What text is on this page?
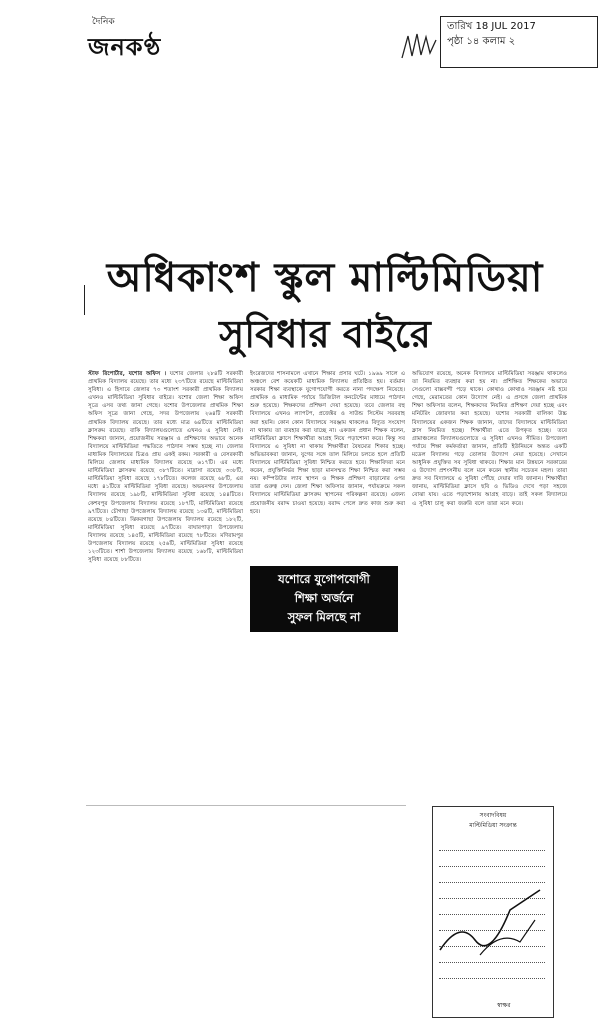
দৈনিক
জনকণ্ঠ
তারিখ 18 JUL 2017
পৃষ্ঠা ১৪ কলাম ২
অধিকাংশ স্কুল মাল্টিমিডিয়া
সুবিধার বাইরে
স্টাফ রিপোর্টার, যশোর অফিস । যশোর জেলার ২৮৪টি সরকারী প্রাথমিক বিদ্যালয় রয়েছে। তার মধ্যে ২৩৭টিতে রয়েছে মাল্টিমিডিয়া সুবিধা। এ হিসাবে জেলার ৭৩ শতাংশ সরকারী প্রাথমিক বিদ্যালয় এখনও মাল্টিমিডিয়া সুবিধার বাইরে। যশোর জেলা শিক্ষা অফিস সূত্রে এসব তথ্য জানা গেছে। যশোর উপজেলার প্রাথমিক শিক্ষা অফিস সূত্রে জানা গেছে, সদর উপজেলায় ২৬৪টি সরকারী প্রাথমিক বিদ্যালয় রয়েছে। তার মধ্যে মাত্র ৬৪টিতে মাল্টিমিডিয়া ক্লাসরুম রয়েছে। বাকি বিদ্যালয়গুলোতে এখনও এ সুবিধা নেই। শিক্ষকরা জানান, প্রয়োজনীয় সরঞ্জাম ও প্রশিক্ষণের অভাবে অনেক বিদ্যালয়ে মাল্টিমিডিয়া পদ্ধতিতে পাঠদান সম্ভব হচ্ছে না। জেলার মাধ্যমিক বিদ্যালয়ের চিত্রও প্রায় একই রকম। সরকারী ও বেসরকারী মিলিয়ে জেলায় মাধ্যমিক বিদ্যালয় রয়েছে ৬১৭টি। এর মধ্যে মাল্টিমিডিয়া ক্লাসরুম রয়েছে ৩৮৭টিতে। মাদ্রাসা রয়েছে ৩৩৮টি, মাল্টিমিডিয়া সুবিধা রয়েছে ১৭৮টিতে। কলেজ রয়েছে ৬৮টি, এর মধ্যে ৪১টিতে মাল্টিমিডিয়া সুবিধা রয়েছে। অভয়নগর উপজেলায় বিদ্যালয় রয়েছে ১৯৮টি, মাল্টিমিডিয়া সুবিধা রয়েছে ১৪৪টিতে। কেশবপুর উপজেলায় বিদ্যালয় রয়েছে ১৮৭টি, মাল্টিমিডিয়া রয়েছে ৯৭টিতে। চৌগাছা উপজেলায় বিদ্যালয় রয়েছে ১৩৪টি, মাল্টিমিডিয়া রয়েছে ৮৪টিতে। ঝিকরগাছা উপজেলায় বিদ্যালয় রয়েছে ১৮২টি, মাল্টিমিডিয়া সুবিধা রয়েছে ৯৭টিতে। বাঘারপাড়া উপজেলায় বিদ্যালয় রয়েছে ১৪৫টি, মাল্টিমিডিয়া রয়েছে ৭৮টিতে। মণিরামপুর উপজেলায় বিদ্যালয় রয়েছে ২৫৬টি, মাল্টিমিডিয়া সুবিধা রয়েছে ১২৩টিতে। শার্শা উপজেলায় বিদ্যালয় রয়েছে ১৬৮টি, মাল্টিমিডিয়া সুবিধা রয়েছে ৮৮টিতে।
ইংরেজদের শাসনামলে এখানে শিক্ষার প্রসার ঘটে। ১৯৬৯ সালে এ অঞ্চলে বেশ কয়েকটি মাধ্যমিক বিদ্যালয় প্রতিষ্ঠিত হয়। বর্তমান সরকার শিক্ষা ব্যবস্থাকে যুগোপযোগী করতে নানা পদক্ষেপ নিয়েছে। প্রাথমিক ও মাধ্যমিক পর্যায়ে ডিজিটাল কনটেন্টের মাধ্যমে পাঠদান শুরু হয়েছে। শিক্ষকদের প্রশিক্ষণ দেয়া হয়েছে। তবে জেলার বহু বিদ্যালয়ে এখনও ল্যাপটপ, প্রজেক্টর ও সাউন্ড সিস্টেম সরবরাহ করা হয়নি। কোন কোন বিদ্যালয়ে সরঞ্জাম থাকলেও বিদ্যুত সংযোগ না থাকায় তা ব্যবহার করা যাচ্ছে না। একজন প্রধান শিক্ষক বলেন, মাল্টিমিডিয়া ক্লাসে শিক্ষার্থীরা আগ্রহ নিয়ে পড়াশোনা করে। কিন্তু সব বিদ্যালয়ে এ সুবিধা না থাকায় শিক্ষার্থীরা বৈষম্যের শিকার হচ্ছে। অভিভাবকরা জানান, যুগের সঙ্গে তাল মিলিয়ে চলতে হলে প্রতিটি বিদ্যালয়ে মাল্টিমিডিয়া সুবিধা নিশ্চিত করতে হবে। শিক্ষাবিদরা মনে করেন, প্রযুক্তিনির্ভর শিক্ষা ছাড়া মানসম্মত শিক্ষা নিশ্চিত করা সম্ভব নয়। কম্পিউটার ল্যাব স্থাপন ও শিক্ষক প্রশিক্ষণ বাড়ানোর ওপর তারা গুরুত্ব দেন। জেলা শিক্ষা অফিসার জানান, পর্যায়ক্রমে সকল বিদ্যালয়ে মাল্টিমিডিয়া ক্লাসরুম স্থাপনের পরিকল্পনা রয়েছে। এজন্য প্রয়োজনীয় বরাদ্দ চাওয়া হয়েছে। বরাদ্দ পেলে দ্রুত কাজ শুরু করা হবে।
অভিযোগ রয়েছে, অনেক বিদ্যালয়ে মাল্টিমিডিয়া সরঞ্জাম থাকলেও তা নিয়মিত ব্যবহার করা হয় না। প্রশিক্ষিত শিক্ষকের অভাবে সেগুলো বাক্সবন্দী পড়ে থাকে। কোথাও কোথাও সরঞ্জাম নষ্ট হয়ে গেছে, মেরামতের কোন উদ্যোগ নেই। এ প্রসঙ্গে জেলা প্রাথমিক শিক্ষা অফিসার বলেন, শিক্ষকদের নিয়মিত প্রশিক্ষণ দেয়া হচ্ছে এবং মনিটরিং জোরদার করা হয়েছে। যশোর সরকারী বালিকা উচ্চ বিদ্যালয়ের একজন শিক্ষক জানান, তাদের বিদ্যালয়ে মাল্টিমিডিয়া ক্লাস নিয়মিত হচ্ছে। শিক্ষার্থীরা এতে উপকৃত হচ্ছে। তবে গ্রামাঞ্চলের বিদ্যালয়গুলোতে এ সুবিধা এখনও সীমিত। উপজেলা পর্যায়ে শিক্ষা কর্মকর্তারা জানান, প্রতিটি ইউনিয়নে অন্তত একটি মডেল বিদ্যালয় গড়ে তোলার উদ্যোগ নেয়া হয়েছে। সেখানে আধুনিক প্রযুক্তির সব সুবিধা থাকবে। শিক্ষার মান উন্নয়নে সরকারের এ উদ্যোগ প্রশংসনীয় বলে মনে করেন স্থানীয় সচেতন মহল। তারা দ্রুত সব বিদ্যালয়ে এ সুবিধা পৌঁছে দেয়ার দাবি জানান। শিক্ষার্থীরা জানায়, মাল্টিমিডিয়া ক্লাসে ছবি ও ভিডিও দেখে পড়া সহজে বোঝা যায়। এতে পড়াশোনায় আগ্রহ বাড়ে। তাই সকল বিদ্যালয়ে এ সুবিধা চালু করা জরুরি বলে তারা মনে করে।
যশোরে যুগোপযোগী
শিক্ষা অর্জনে
সুফল মিলছে না
সংবাদবিষয়
মাল্টিমিডিয়া সংক্রান্ত
স্বাক্ষর
